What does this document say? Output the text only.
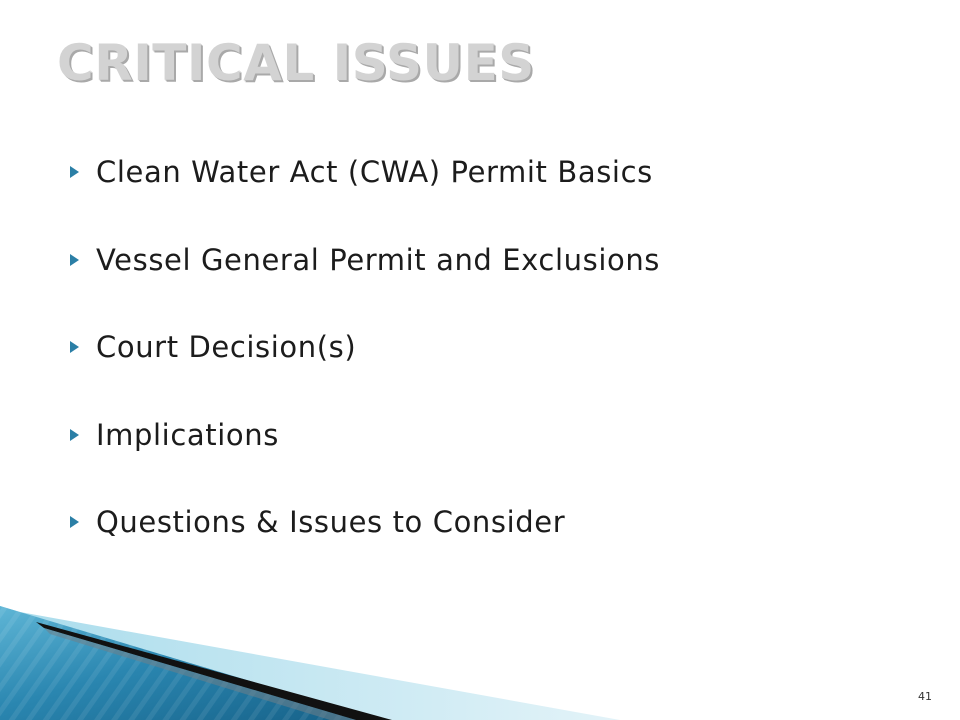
CRITICAL ISSUES
Clean Water Act (CWA) Permit Basics
Vessel General Permit and Exclusions
Court Decision(s)
Implications
Questions & Issues to Consider
41
